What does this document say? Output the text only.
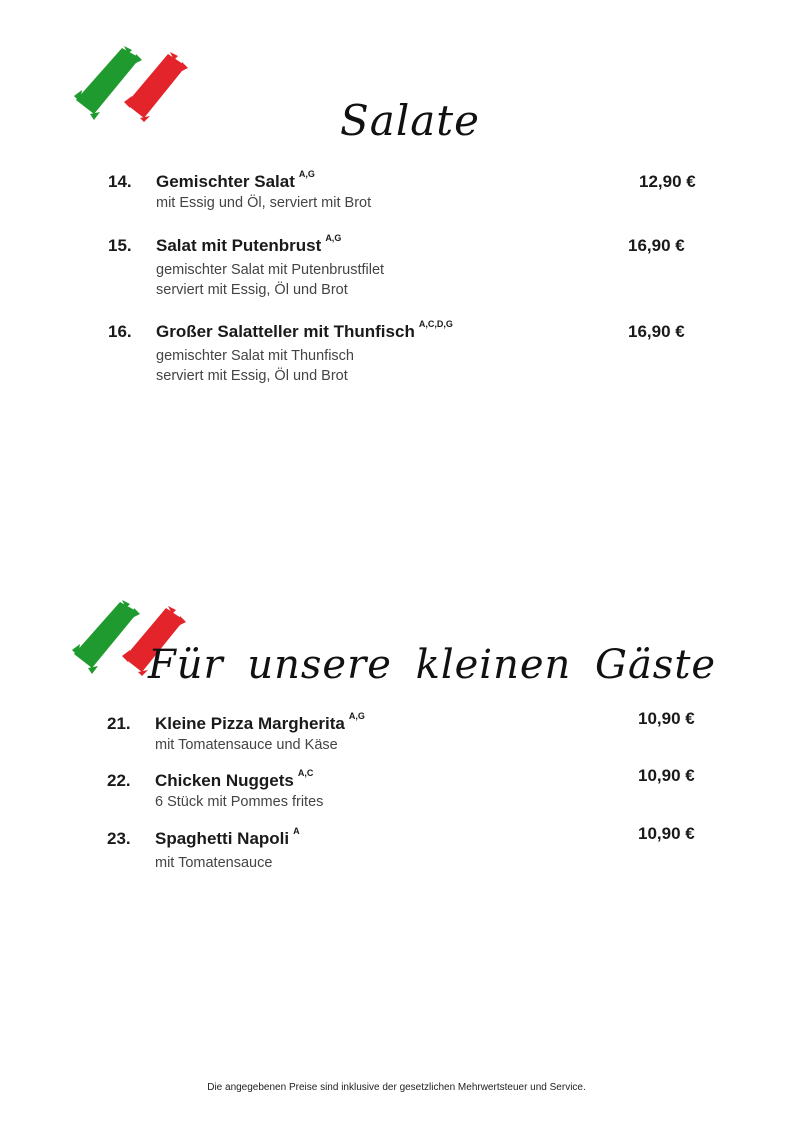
Salate
14. Gemischter Salat $^{A,G}$
mit Essig und Öl, serviert mit Brot
12,90 €
15. Salat mit Putenbrust $^{A,G}$
gemischter Salat mit Putenbrustfilet
serviert mit Essig, Öl und Brot
16,90 €
16. Großer Salatteller mit Thunfisch $^{A,C,D,G}$
gemischter Salat mit Thunfisch
serviert mit Essig, Öl und Brot
16,90 €
Für unsere kleinen Gäste
21. Kleine Pizza Margherita $^{A,G}$
mit Tomatensauce und Käse
10,90 €
22. Chicken Nuggets $^{A,C}$
6 Stück mit Pommes frites
10,90 €
23. Spaghetti Napoli $^A$
mit Tomatensauce
10,90 €
Die angegebenen Preise sind inklusive der gesetzlichen Mehrwertsteuer und Service.
